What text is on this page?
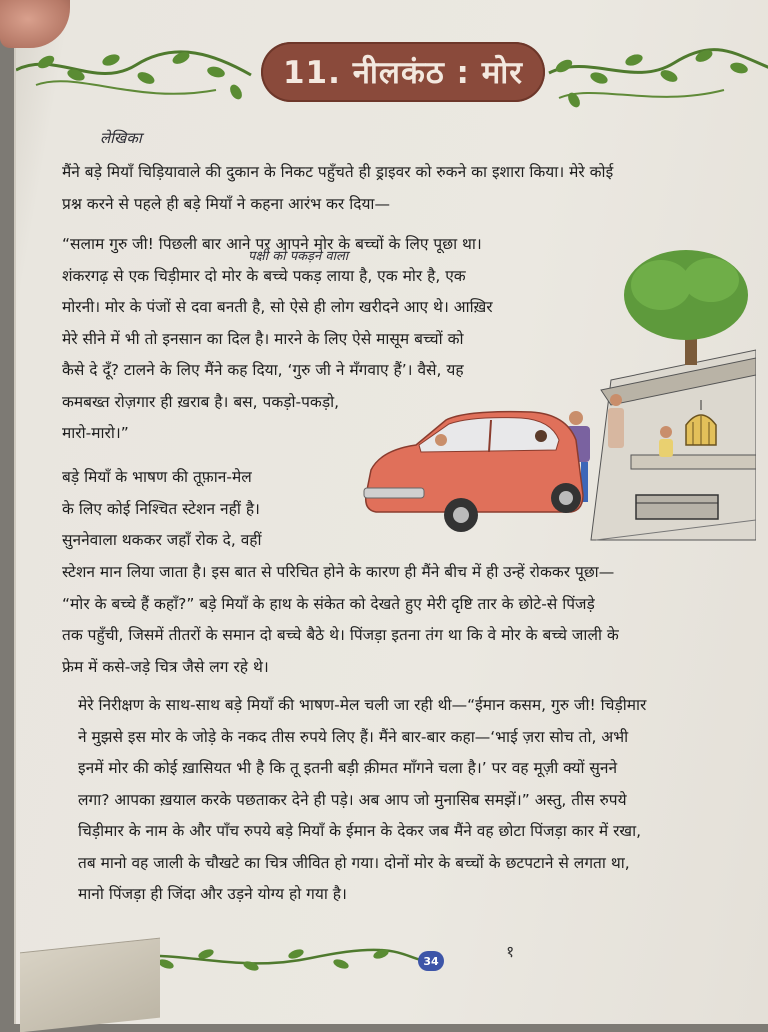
11. नीलकंठ : मोर
लेखिका
पक्षी को पकड़ने वाला
मैंने बड़े मियाँ चिड़ियावाले की दुकान के निकट पहुँचते ही ड्राइवर को रुकने का इशारा किया। मेरे कोई
प्रश्न करने से पहले ही बड़े मियाँ ने कहना आरंभ कर दिया—
“सलाम गुरु जी! पिछली बार आने पर आपने मोर के बच्चों के लिए पूछा था।
शंकरगढ़ से एक चिड़ीमार दो मोर के बच्चे पकड़ लाया है, एक मोर है, एक
मोरनी। मोर के पंजों से दवा बनती है, सो ऐसे ही लोग खरीदने आए थे। आख़िर
मेरे सीने में भी तो इनसान का दिल है। मारने के लिए ऐसे मासूम बच्चों को
कैसे दे दूँ? टालने के लिए मैंने कह दिया, ‘गुरु जी ने मँगवाए हैं’। वैसे, यह
कमबख्त रोज़गार ही ख़राब है। बस, पकड़ो-पकड़ो,
मारो-मारो।”
बड़े मियाँ के भाषण की तूफ़ान-मेल
के लिए कोई निश्चित स्टेशन नहीं है।
सुननेवाला थककर जहाँ रोक दे, वहीं
स्टेशन मान लिया जाता है। इस बात से परिचित होने के कारण ही मैंने बीच में ही उन्हें रोककर पूछा—
“मोर के बच्चे हैं कहाँ?” बड़े मियाँ के हाथ के संकेत को देखते हुए मेरी दृष्टि तार के छोटे-से पिंजड़े
तक पहुँची, जिसमें तीतरों के समान दो बच्चे बैठे थे। पिंजड़ा इतना तंग था कि वे मोर के बच्चे जाली के
फ्रेम में कसे-जड़े चित्र जैसे लग रहे थे।
मेरे निरीक्षण के साथ-साथ बड़े मियाँ की भाषण-मेल चली जा रही थी—“ईमान कसम, गुरु जी! चिड़ीमार
ने मुझसे इस मोर के जोड़े के नकद तीस रुपये लिए हैं। मैंने बार-बार कहा—‘भाई ज़रा सोच तो, अभी
इनमें मोर की कोई ख़ासियत भी है कि तू इतनी बड़ी क़ीमत माँगने चला है।’ पर वह मूज़ी क्यों सुनने
लगा? आपका ख़याल करके पछताकर देने ही पड़े। अब आप जो मुनासिब समझें।” अस्तु, तीस रुपये
चिड़ीमार के नाम के और पाँच रुपये बड़े मियाँ के ईमान के देकर जब मैंने वह छोटा पिंजड़ा कार में रखा,
तब मानो वह जाली के चौखटे का चित्र जीवित हो गया। दोनों मोर के बच्चों के छटपटाने से लगता था,
मानो पिंजड़ा ही जिंदा और उड़ने योग्य हो गया है।
34	१
